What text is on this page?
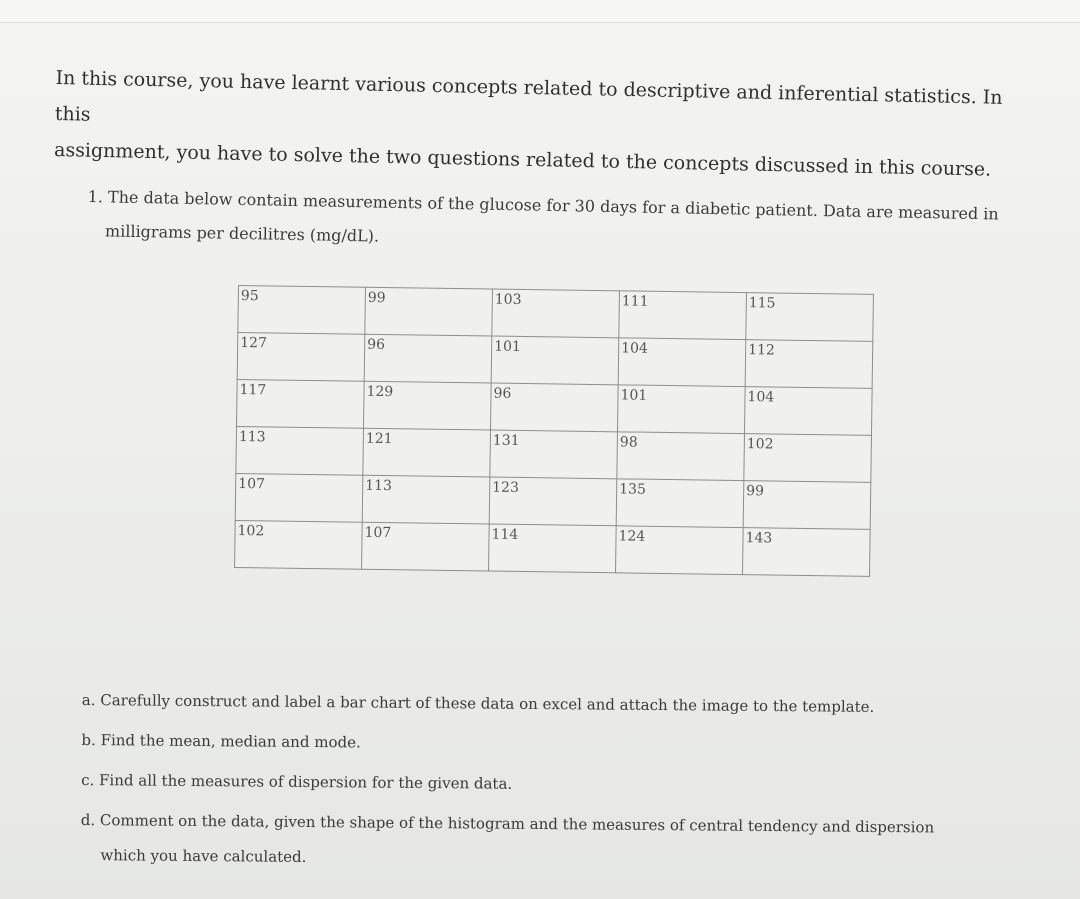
In this course, you have learnt various concepts related to descriptive and inferential statistics. In this
assignment, you have to solve the two questions related to the concepts discussed in this course.
1. The data below contain measurements of the glucose for 30 days for a diabetic patient. Data are measured in
milligrams per decilitres (mg/dL).
95	99	103	111	115
127	96	101	104	112
117	129	96	101	104
113	121	131	98	102
107	113	123	135	99
102	107	114	124	143
a. Carefully construct and label a bar chart of these data on excel and attach the image to the template.
b. Find the mean, median and mode.
c. Find all the measures of dispersion for the given data.
d. Comment on the data, given the shape of the histogram and the measures of central tendency and dispersion
which you have calculated.
